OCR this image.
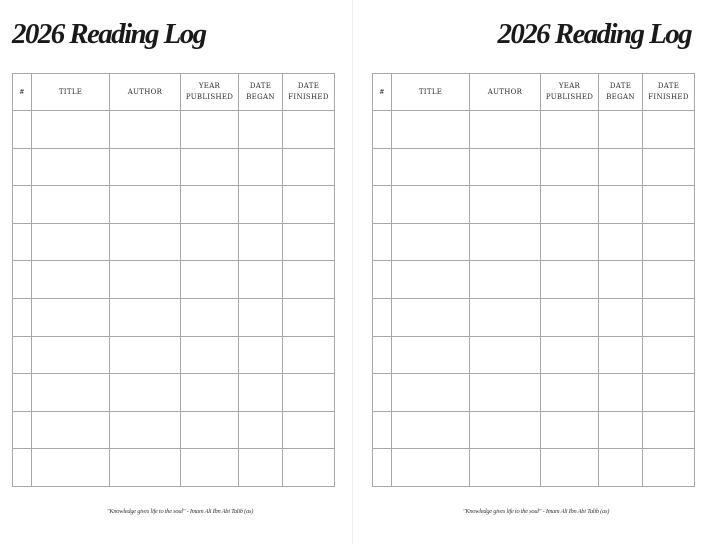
2026 Reading Log
#	TITLE	AUTHOR	YEAR PUBLISHED	DATE BEGAN	DATE FINISHED

"Knowledge gives life to the soul" - Imam Ali Ibn Abi Talib (as)
2026 Reading Log
#	TITLE	AUTHOR	YEAR PUBLISHED	DATE BEGAN	DATE FINISHED

"Knowledge gives life to the soul" - Imam Ali Ibn Abi Talib (as)
